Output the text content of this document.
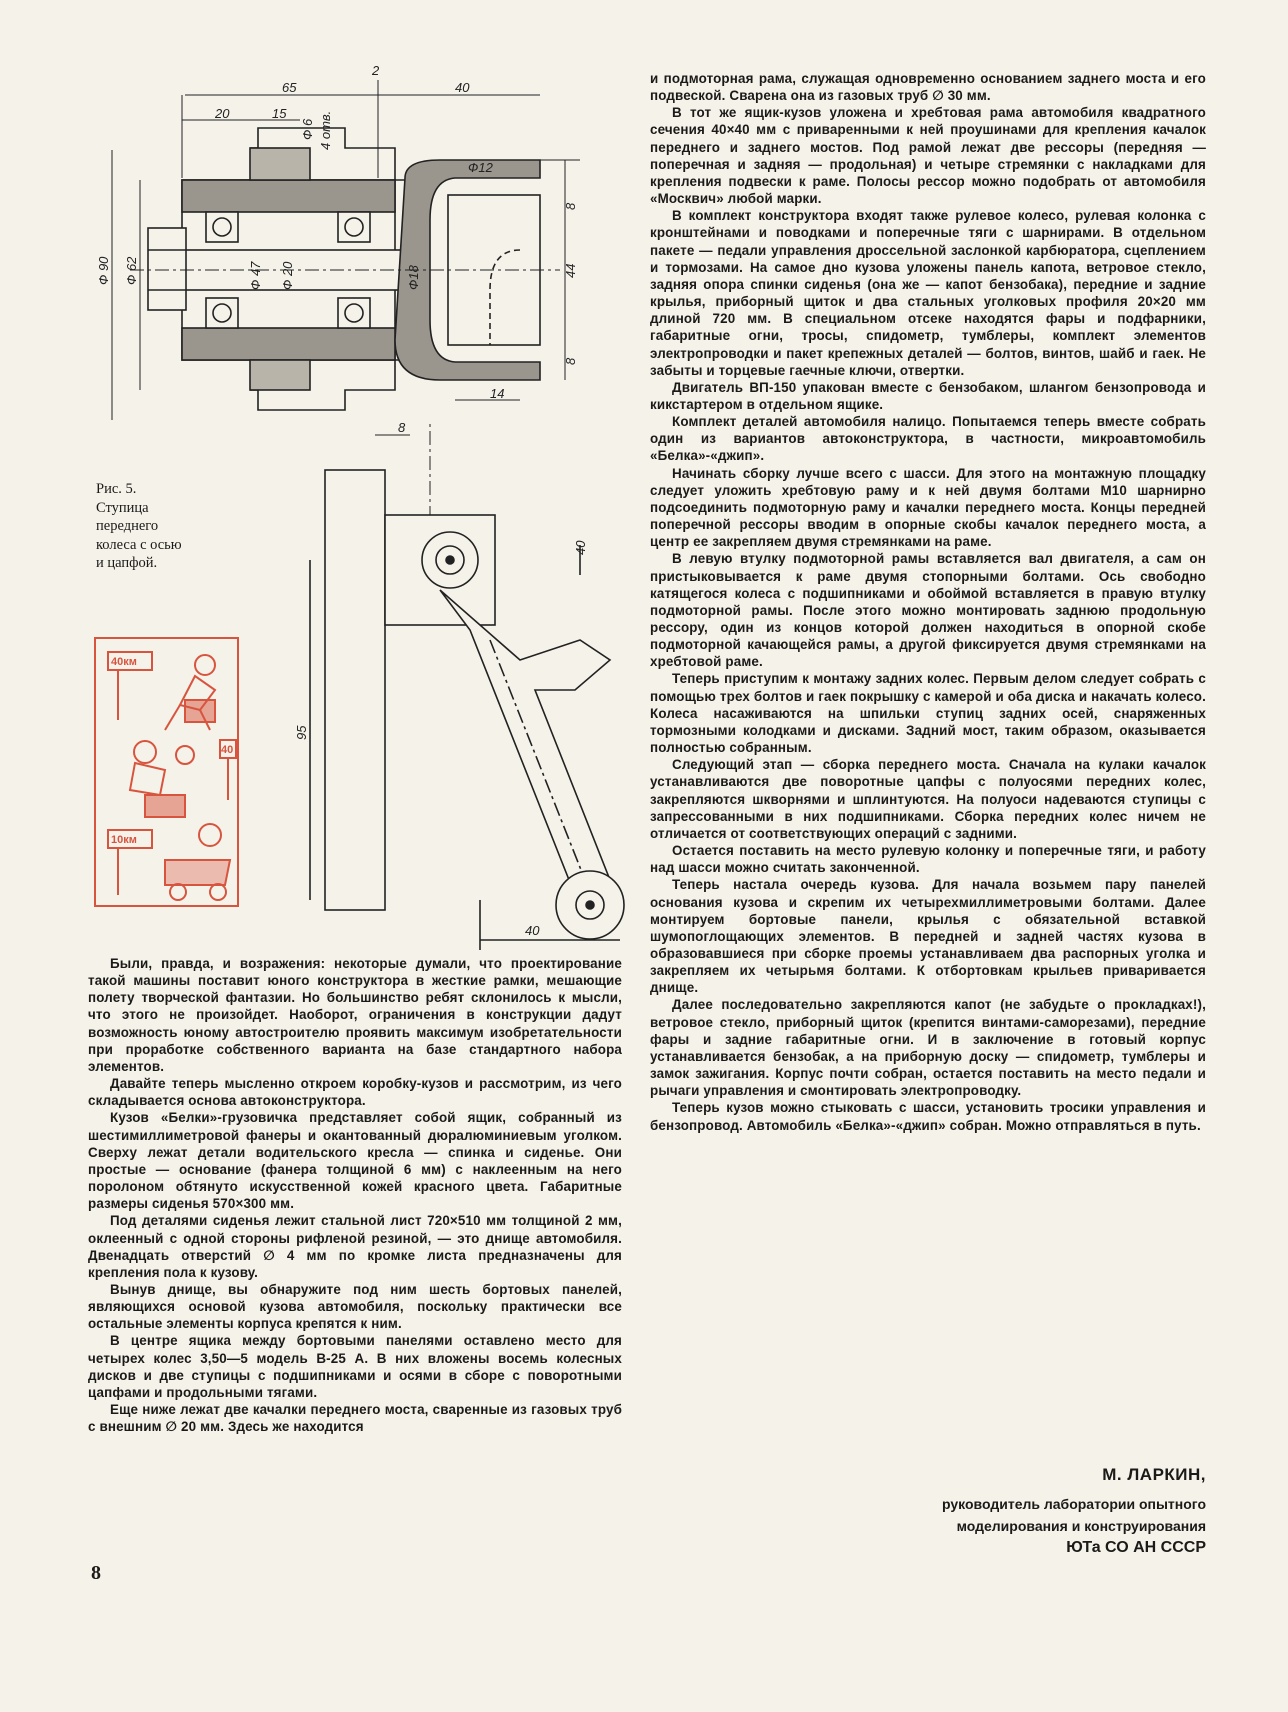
65
2
40
20	15
Ф 6 4 отв.
Ф12
Ф 90 Ф 62	Ф 47 Ф 20	Ф18
8
44
8
14
8
40
95
40
40км
40
10км
Рис. 5. Ступица переднего колеса с осью и цапфой.

Были, правда, и возражения: некоторые думали, что проектирование такой машины поставит юного конструктора в жесткие рамки, мешающие полету творческой фантазии. Но большинство ребят склонилось к мысли, что этого не произойдет. Наоборот, ограничения в конструкции дадут возможность юному автостроителю проявить максимум изобретательности при проработке собственного варианта на базе стандартного набора элементов.

Давайте теперь мысленно откроем коробку-кузов и рассмотрим, из чего складывается основа автоконструктора.

Кузов «Белки»-грузовичка представляет собой ящик, собранный из шестимиллиметровой фанеры и окантованный дюралюминиевым уголком. Сверху лежат детали водительского кресла — спинка и сиденье. Они простые — основание (фанера толщиной 6 мм) с наклеенным на него поролоном обтянуто искусственной кожей красного цвета. Габаритные размеры сиденья 570×300 мм.

Под деталями сиденья лежит стальной лист 720×510 мм толщиной 2 мм, оклеенный с одной стороны рифленой резиной, — это днище автомобиля. Двенадцать отверстий ∅ 4 мм по кромке листа предназначены для крепления пола к кузову.

Вынув днище, вы обнаружите под ним шесть бортовых панелей, являющихся основой кузова автомобиля, поскольку практически все остальные элементы корпуса крепятся к ним.

В центре ящика между бортовыми панелями оставлено место для четырех колес 3,50—5 модель В-25 А. В них вложены восемь колесных дисков и две ступицы с подшипниками и осями в сборе с поворотными цапфами и продольными тягами.

Еще ниже лежат две качалки переднего моста, сваренные из газовых труб с внешним ∅ 20 мм. Здесь же находится

и подмоторная рама, служащая одновременно основанием заднего моста и его подвеской. Сварена она из газовых труб ∅ 30 мм.

В тот же ящик-кузов уложена и хребтовая рама автомобиля квадратного сечения 40×40 мм с приваренными к ней проушинами для крепления качалок переднего и заднего мостов. Под рамой лежат две рессоры (передняя — поперечная и задняя — продольная) и четыре стремянки с накладками для крепления подвески к раме. Полосы рессор можно подобрать от автомобиля «Москвич» любой марки.

В комплект конструктора входят также рулевое колесо, рулевая колонка с кронштейнами и поводками и поперечные тяги с шарнирами. В отдельном пакете — педали управления дроссельной заслонкой карбюратора, сцеплением и тормозами. На самое дно кузова уложены панель капота, ветровое стекло, задняя опора спинки сиденья (она же — капот бензобака), передние и задние крылья, приборный щиток и два стальных уголковых профиля 20×20 мм длиной 720 мм. В специальном отсеке находятся фары и подфарники, габаритные огни, тросы, спидометр, тумблеры, комплект элементов электропроводки и пакет крепежных деталей — болтов, винтов, шайб и гаек. Не забыты и торцевые гаечные ключи, отвертки.

Двигатель ВП-150 упакован вместе с бензобаком, шлангом бензопровода и кикстартером в отдельном ящике.

Комплект деталей автомобиля налицо. Попытаемся теперь вместе собрать один из вариантов автоконструктора, в частности, микроавтомобиль «Белка»-«джип».

Начинать сборку лучше всего с шасси. Для этого на монтажную площадку следует уложить хребтовую раму и к ней двумя болтами М10 шарнирно подсоединить подмоторную раму и качалки переднего моста. Концы передней поперечной рессоры вводим в опорные скобы качалок переднего моста, а центр ее закрепляем двумя стремянками на раме.

В левую втулку подмоторной рамы вставляется вал двигателя, а сам он пристыковывается к раме двумя стопорными болтами. Ось свободно катящегося колеса с подшипниками и обоймой вставляется в правую втулку подмоторной рамы. После этого можно монтировать заднюю продольную рессору, один из концов которой должен находиться в опорной скобе подмоторной качающейся рамы, а другой фиксируется двумя стремянками на хребтовой раме.

Теперь приступим к монтажу задних колес. Первым делом следует собрать с помощью трех болтов и гаек покрышку с камерой и оба диска и накачать колесо. Колеса насаживаются на шпильки ступиц задних осей, снаряженных тормозными колодками и дисками. Задний мост, таким образом, оказывается полностью собранным.

Следующий этап — сборка переднего моста. Сначала на кулаки качалок устанавливаются две поворотные цапфы с полуосями передних колес, закрепляются шкворнями и шплинтуются. На полуоси надеваются ступицы с запрессованными в них подшипниками. Сборка передних колес ничем не отличается от соответствующих операций с задними.

Остается поставить на место рулевую колонку и поперечные тяги, и работу над шасси можно считать законченной.

Теперь настала очередь кузова. Для начала возьмем пару панелей основания кузова и скрепим их четырехмиллиметровыми болтами. Далее монтируем бортовые панели, крылья с обязательной вставкой шумопоглощающих элементов. В передней и задней частях кузова в образовавшиеся при сборке проемы устанавливаем два распорных уголка и закрепляем их четырьмя болтами. К отбортовкам крыльев приваривается днище.

Далее последовательно закрепляются капот (не забудьте о прокладках!), ветровое стекло, приборный щиток (крепится винтами-саморезами), передние фары и задние габаритные огни. И в заключение в готовый корпус устанавливается бензобак, а на приборную доску — спидометр, тумблеры и замок зажигания. Корпус почти собран, остается поставить на место педали и рычаги управления и смонтировать электропроводку.

Теперь кузов можно стыковать с шасси, установить тросики управления и бензопровод. Автомобиль «Белка»-«джип» собран. Можно отправляться в путь.

М. ЛАРКИН,
руководитель лаборатории опытного
моделирования и конструирования
ЮТа СО АН СССР
8
